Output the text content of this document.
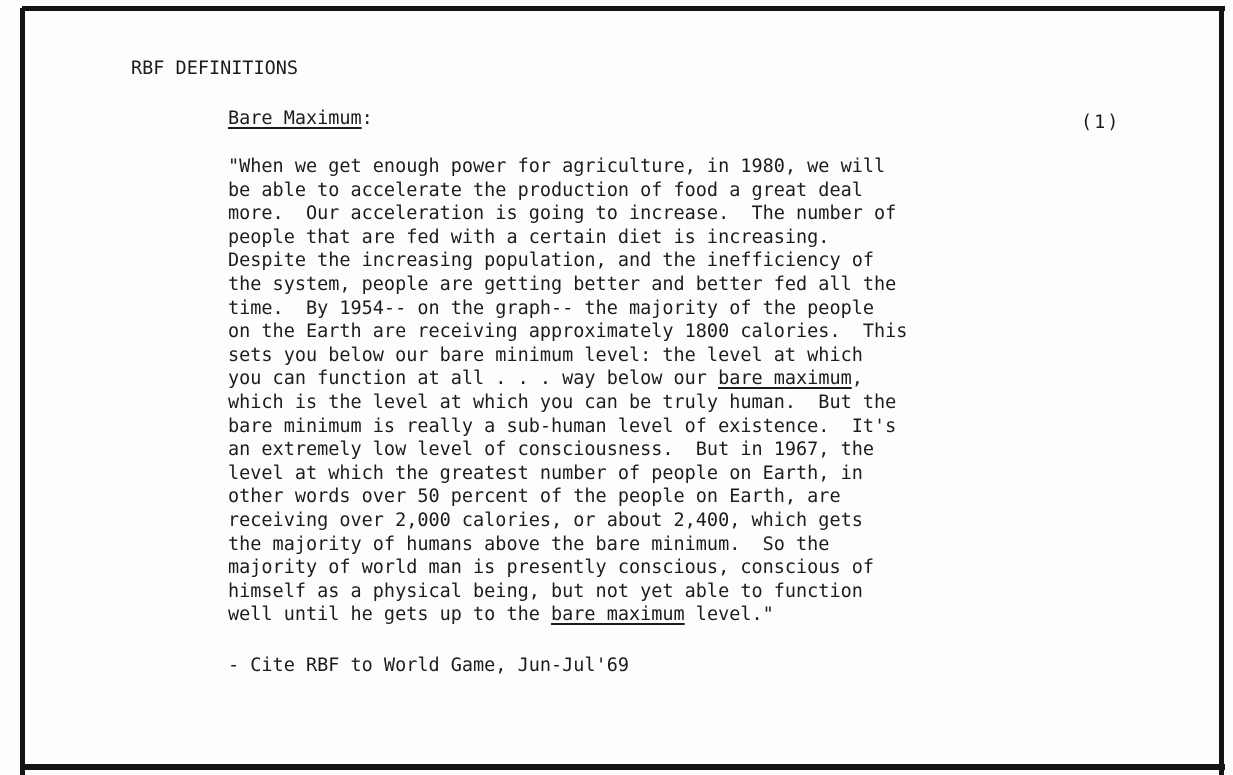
RBF DEFINITIONS
Bare Maximum:	(1)
"When we get enough power for agriculture, in 1980, we will
be able to accelerate the production of food a great deal
more.  Our acceleration is going to increase.  The number of
people that are fed with a certain diet is increasing.
Despite the increasing population, and the inefficiency of
the system, people are getting better and better fed all the
time.  By 1954-- on the graph-- the majority of the people
on the Earth are receiving approximately 1800 calories.  This
sets you below our bare minimum level: the level at which
you can function at all . . . way below our bare maximum,
which is the level at which you can be truly human.  But the
bare minimum is really a sub-human level of existence.  It's
an extremely low level of consciousness.  But in 1967, the
level at which the greatest number of people on Earth, in
other words over 50 percent of the people on Earth, are
receiving over 2,000 calories, or about 2,400, which gets
the majority of humans above the bare minimum.  So the
majority of world man is presently conscious, conscious of
himself as a physical being, but not yet able to function
well until he gets up to the bare maximum level."
- Cite RBF to World Game, Jun-Jul'69
